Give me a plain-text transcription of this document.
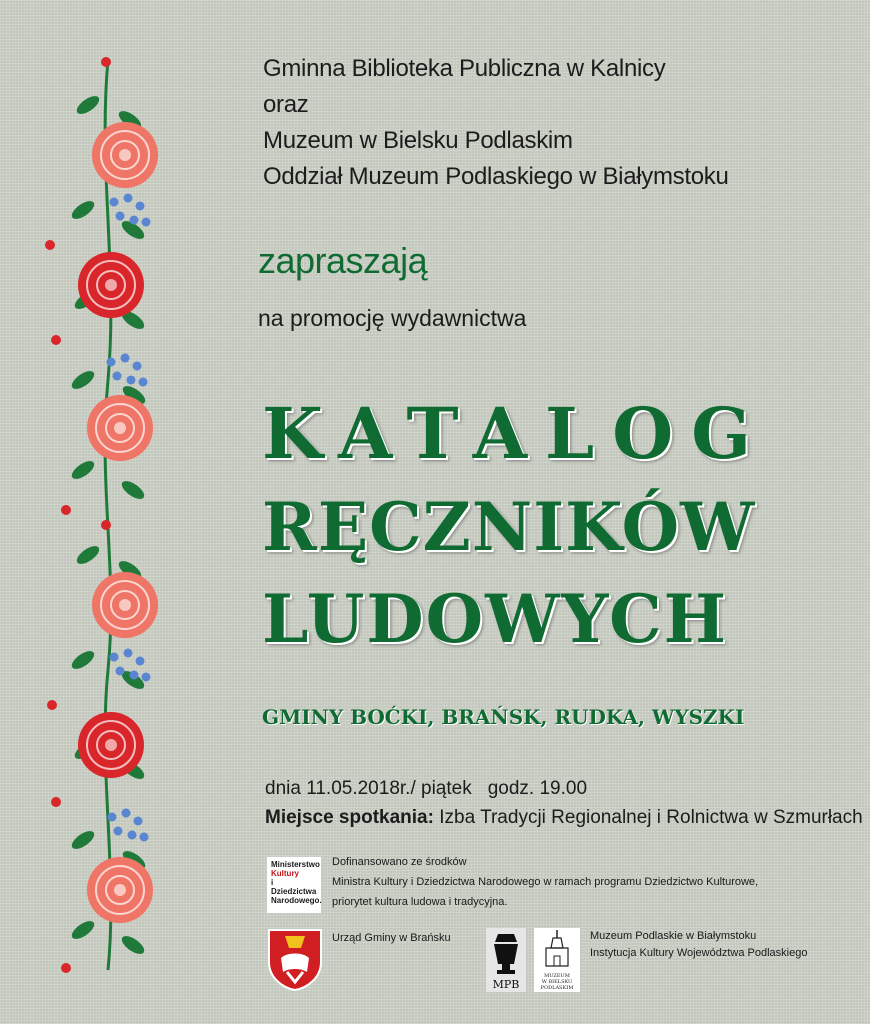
Gminna Biblioteka Publiczna w Kalnicy
oraz
Muzeum w Bielsku Podlaskim
Oddział Muzeum Podlaskiego w Białymstoku
zapraszają
na promocję wydawnictwa
KATALOG
RĘCZNIKÓW
LUDOWYCH
GMINY BOĆKI, BRAŃSK, RUDKA, WYSZKI
dnia 11.05.2018r./ piątek godz. 19.00
Miejsce spotkania: Izba Tradycji Regionalnej i Rolnictwa w Szmurłach
Ministerstwo
Kultury
i Dziedzictwa
Narodowego.
Dofinansowano ze środków
Ministra Kultury i Dziedzictwa Narodowego w ramach programu Dziedzictwo Kulturowe,
priorytet kultura ludowa i tradycyjna.
Urząd Gminy w Brańsku
MPB
MUZEUM
W BIELSKU PODLASKIM
Muzeum Podlaskie w Białymstoku
Instytucja Kultury Województwa Podlaskiego
